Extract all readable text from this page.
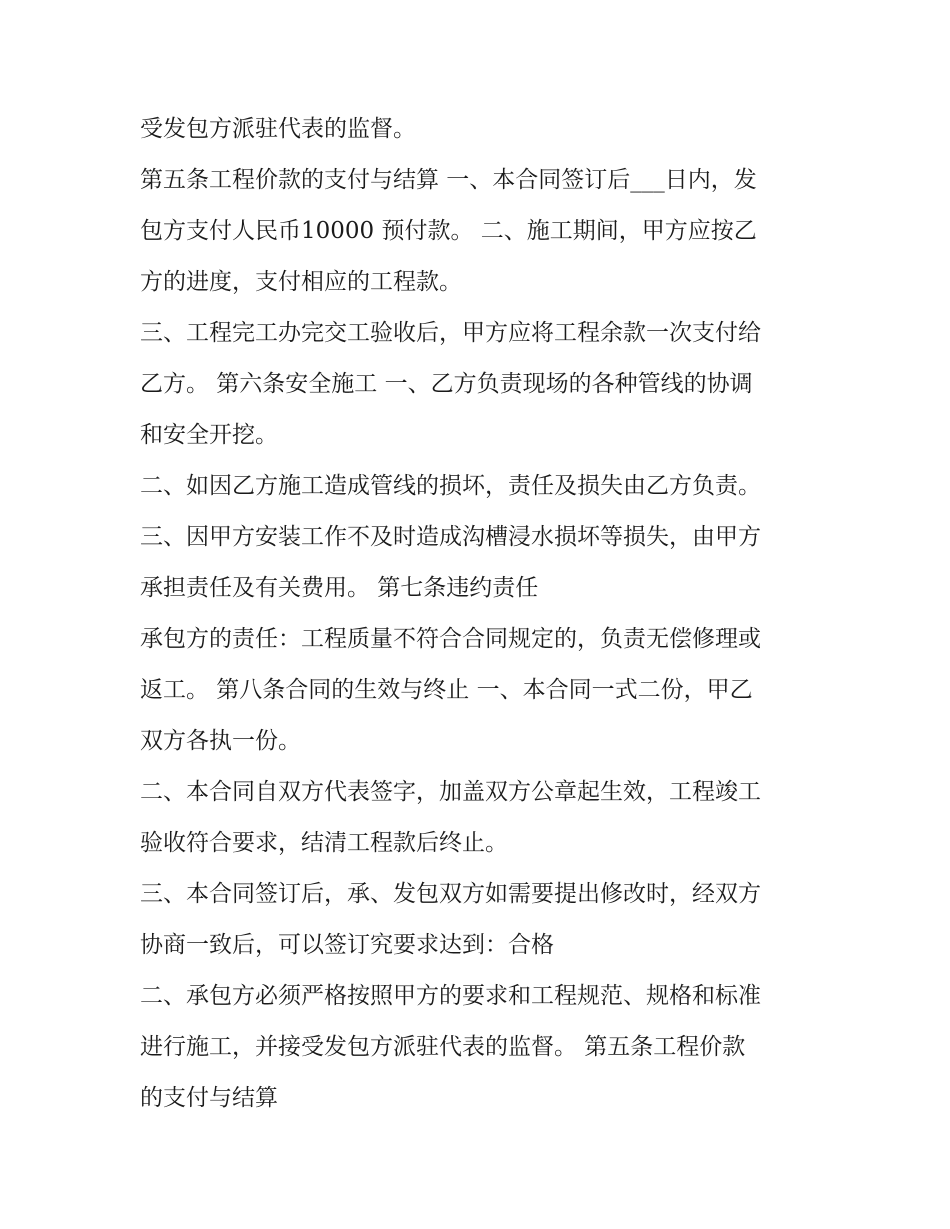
受发包方派驻代表的监督。

第五条工程价款的支付与结算 一、本合同签订后___日内，发

包方支付人民币10000 预付款。 二、施工期间，甲方应按乙

方的进度，支付相应的工程款。

三、工程完工办完交工验收后，甲方应将工程余款一次支付给

乙方。 第六条安全施工 一、乙方负责现场的各种管线的协调

和安全开挖。

二、如因乙方施工造成管线的损坏，责任及损失由乙方负责。

三、因甲方安装工作不及时造成沟槽浸水损坏等损失，由甲方

承担责任及有关费用。 第七条违约责任

承包方的责任：工程质量不符合合同规定的，负责无偿修理或

返工。 第八条合同的生效与终止 一、本合同一式二份，甲乙

双方各执一份。

二、本合同自双方代表签字，加盖双方公章起生效，工程竣工

验收符合要求，结清工程款后终止。

三、本合同签订后，承、发包双方如需要提出修改时，经双方

协商一致后，可以签订究要求达到：合格

二、承包方必须严格按照甲方的要求和工程规范、规格和标准

进行施工，并接受发包方派驻代表的监督。 第五条工程价款

的支付与结算
